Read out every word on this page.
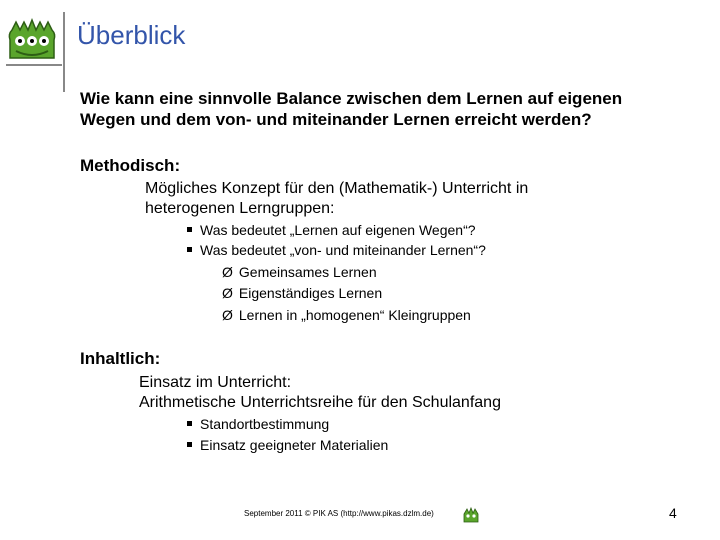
Überblick
Wie kann eine sinnvolle Balance zwischen dem Lernen auf eigenen
Wegen und dem von- und miteinander Lernen erreicht werden?
Methodisch:
Mögliches Konzept für den (Mathematik-) Unterricht in
heterogenen Lerngruppen:
Was bedeutet „Lernen auf eigenen Wegen“?
Was bedeutet „von- und miteinander Lernen“?
Ø Gemeinsames Lernen
Ø Eigenständiges Lernen
Ø Lernen in „homogenen“ Kleingruppen
Inhaltlich:
Einsatz im Unterricht:
Arithmetische Unterrichtsreihe für den Schulanfang
Standortbestimmung
Einsatz geeigneter Materialien
September 2011 © PIK AS (http://www.pikas.dzlm.de)	4
